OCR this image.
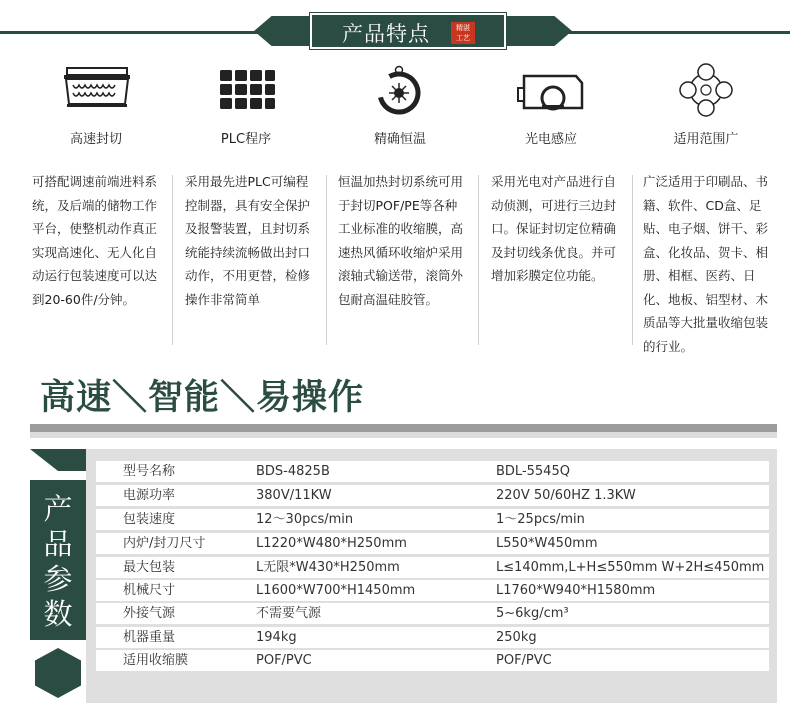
产品特点	精湛
工艺
高速封切	PLC程序	精确恒温	光电感应	适用范围广
可搭配调速前端进料系统，及后端的储物工作平台，使整机动作真正实现高速化、无人化自动运行包装速度可以达到20-60件/分钟。
采用最先进PLC可编程控制器，具有安全保护及报警装置，且封切系统能持续流畅做出封口动作，不用更替，检修操作非常简单
恒温加热封切系统可用于封切POF/PE等各种工业标准的收缩膜，高速热风循环收缩炉采用滚轴式输送带，滚筒外包耐高温硅胶管。
采用光电对产品进行自动侦测，可进行三边封口。保证封切定位精确及封切线条优良。并可增加彩膜定位功能。
广泛适用于印刷品、书籍、软件、CD盒、足贴、电子烟、饼干、彩盒、化妆品、贺卡、相册、相框、医药、日化、地板、铝型材、木质品等大批量收缩包装的行业。
高速＼智能＼易操作
产品参数
型号名称	BDS-4825B	BDL-5545Q
电源功率	380V/11KW	220V 50/60HZ 1.3KW
包装速度	12～30pcs/min	1～25pcs/min
内炉/封刀尺寸	L1220*W480*H250mm	L550*W450mm
最大包装	L无限*W430*H250mm	L≤140mm,L+H≤550mm W+2H≤450mm
机械尺寸	L1600*W700*H1450mm	L1760*W940*H1580mm
外接气源	不需要气源	5~6kg/cm³
机器重量	194kg	250kg
适用收缩膜	POF/PVC	POF/PVC
